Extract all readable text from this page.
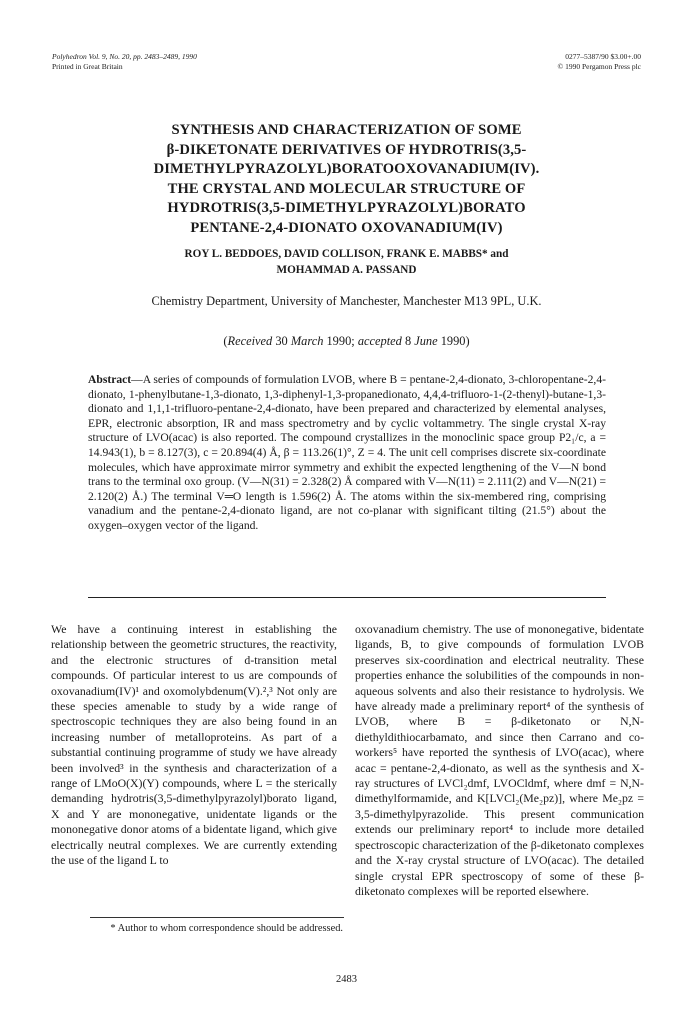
Polyhedron Vol. 9, No. 20, pp. 2483–2489, 1990
Printed in Great Britain
0277–5387/90 $3.00+.00
© 1990 Pergamon Press plc
SYNTHESIS AND CHARACTERIZATION OF SOME
β-DIKETONATE DERIVATIVES OF HYDROTRIS(3,5-
DIMETHYLPYRAZOLYL)BORATOOXOVANADIUM(IV).
THE CRYSTAL AND MOLECULAR STRUCTURE OF
HYDROTRIS(3,5-DIMETHYLPYRAZOLYL)BORATO
PENTANE-2,4-DIONATO OXOVANADIUM(IV)
ROY L. BEDDOES, DAVID COLLISON, FRANK E. MABBS* and
MOHAMMAD A. PASSAND
Chemistry Department, University of Manchester, Manchester M13 9PL, U.K.
(Received 30 March 1990; accepted 8 June 1990)
Abstract—A series of compounds of formulation LVOB, where B = pentane-2,4-dionato, 3-chloropentane-2,4-dionato, 1-phenylbutane-1,3-dionato, 1,3-diphenyl-1,3-propanedionato, 4,4,4-trifluoro-1-(2-thenyl)-butane-1,3-dionato and 1,1,1-trifluoro-pentane-2,4-dionato, have been prepared and characterized by elemental analyses, EPR, electronic absorption, IR and mass spectrometry and by cyclic voltammetry. The single crystal X-ray structure of LVO(acac) is also reported. The compound crystallizes in the monoclinic space group P2₁/c, a = 14.943(1), b = 8.127(3), c = 20.894(4) Å, β = 113.26(1)°, Z = 4. The unit cell comprises discrete six-coordinate molecules, which have approximate mirror symmetry and exhibit the expected lengthening of the V—N bond trans to the terminal oxo group. (V—N(31) = 2.328(2) Å compared with V—N(11) = 2.111(2) and V—N(21) = 2.120(2) Å.) The terminal V═O length is 1.596(2) Å. The atoms within the six-membered ring, comprising vanadium and the pentane-2,4-dionato ligand, are not co-planar with significant tilting (21.5°) about the oxygen–oxygen vector of the ligand.
We have a continuing interest in establishing the relationship between the geometric structures, the reactivity, and the electronic structures of d-transition metal compounds. Of particular interest to us are compounds of oxovanadium(IV)¹ and oxomolybdenum(V).²,³ Not only are these species amenable to study by a wide range of spectroscopic techniques they are also being found in an increasing number of metalloproteins. As part of a substantial continuing programme of study we have already been involved³ in the synthesis and characterization of a range of LMoO(X)(Y) compounds, where L = the sterically demanding hydrotris(3,5-dimethylpyrazolyl)borato ligand, X and Y are mononegative, unidentate ligands or the mononegative donor atoms of a bidentate ligand, which give electrically neutral complexes. We are currently extending the use of the ligand L to
oxovanadium chemistry. The use of mononegative, bidentate ligands, B, to give compounds of formulation LVOB preserves six-coordination and electrical neutrality. These properties enhance the solubilities of the compounds in non-aqueous solvents and also their resistance to hydrolysis. We have already made a preliminary report⁴ of the synthesis of LVOB, where B = β-diketonato or N,N-diethyldithiocarbamato, and since then Carrano and co-workers⁵ have reported the synthesis of LVO(acac), where acac = pentane-2,4-dionato, as well as the synthesis and X-ray structures of LVCl₂dmf, LVOCldmf, where dmf = N,N-dimethylformamide, and K[LVCl₂(Me₂pz)], where Me₂pz = 3,5-dimethylpyrazolide. This present communication extends our preliminary report⁴ to include more detailed spectroscopic characterization of the β-diketonato complexes and the X-ray crystal structure of LVO(acac). The detailed single crystal EPR spectroscopy of some of these β-diketonato complexes will be reported elsewhere.
* Author to whom correspondence should be addressed.
2483
